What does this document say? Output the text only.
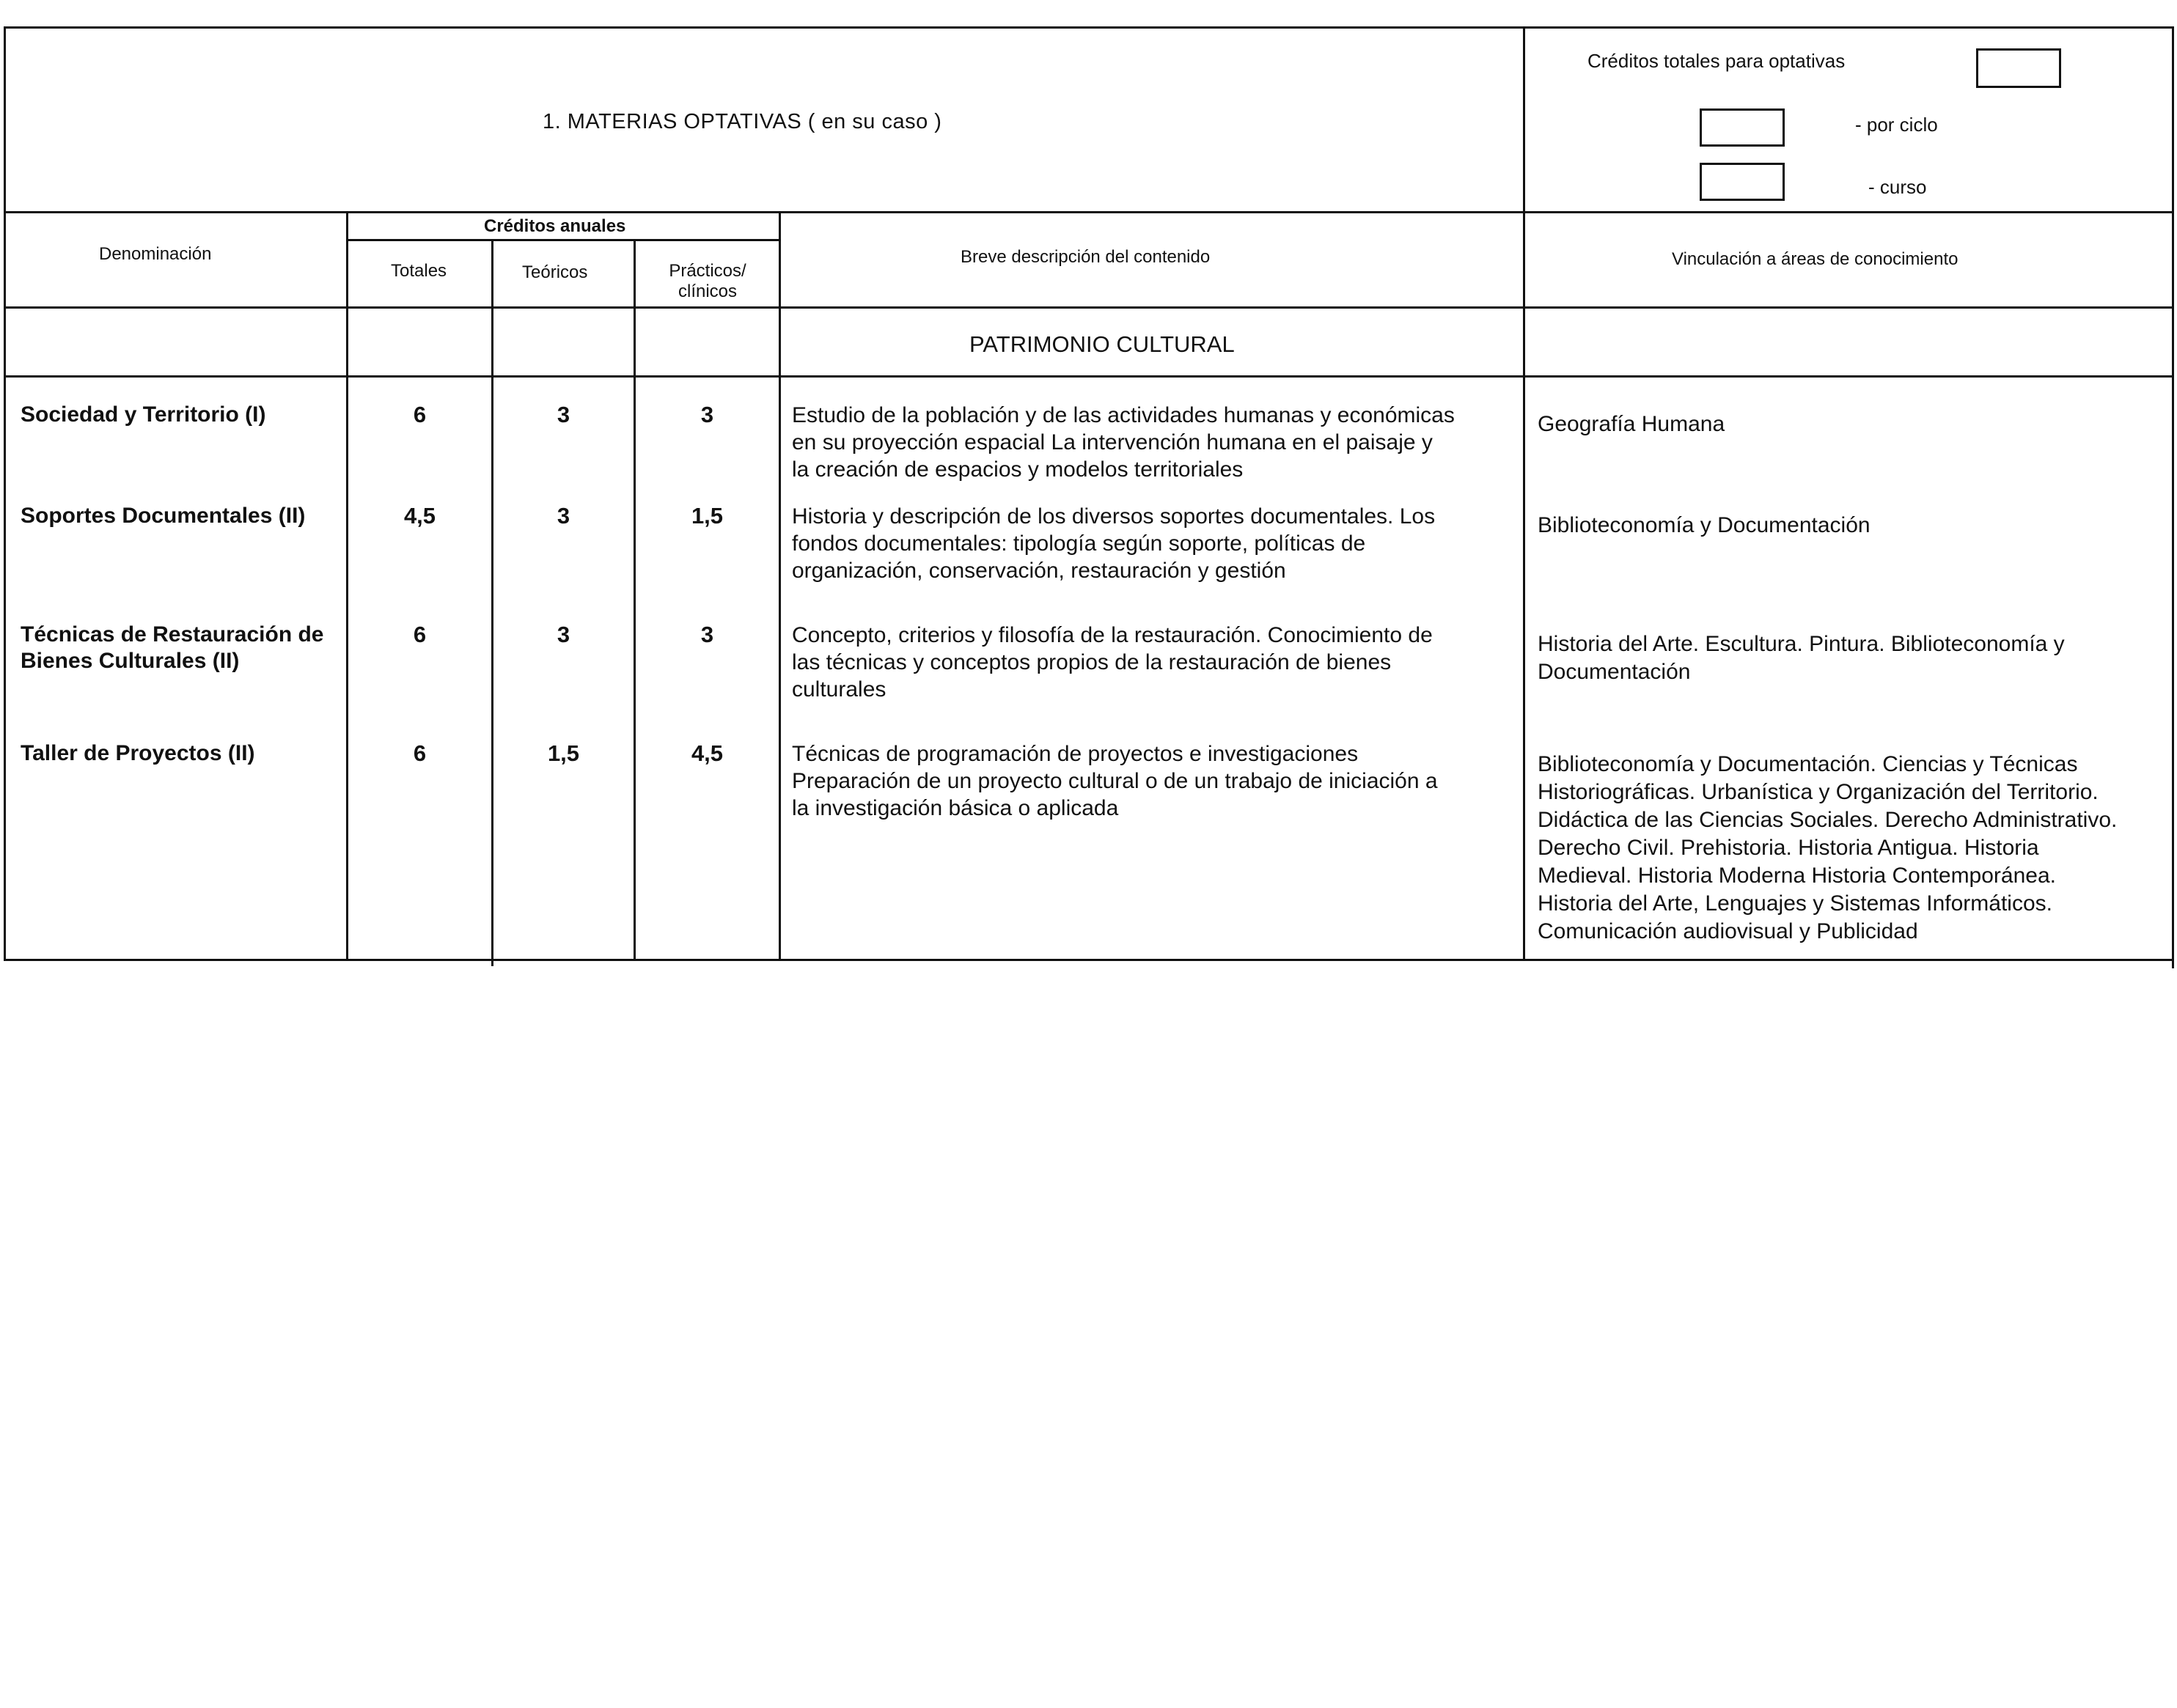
1. MATERIAS OPTATIVAS ( en su caso )
Créditos totales para optativas
- por ciclo
- curso
Denominación
Créditos anuales
Totales	Teóricos	Prácticos/
clínicos
Breve descripción del contenido	Vinculación a áreas de conocimiento
PATRIMONIO CULTURAL
Sociedad y Territorio (I)	6	3	3	Estudio de la población y de las actividades humanas y económicas
en su proyección espacial La intervención humana en el paisaje y
la creación de espacios y modelos territoriales
Geografía Humana
Soportes Documentales (II)	4,5	3	1,5	Historia y descripción de los diversos soportes documentales. Los
fondos documentales: tipología según soporte, políticas de
organización, conservación, restauración y gestión
Biblioteconomía y Documentación
Técnicas de Restauración de
Bienes Culturales (II)
6	3	3	Concepto, criterios y filosofía de la restauración. Conocimiento de
las técnicas y conceptos propios de la restauración de bienes
culturales
Historia del Arte. Escultura. Pintura. Biblioteconomía y
Documentación
Taller de Proyectos (II)	6	1,5	4,5	Técnicas de programación de proyectos e investigaciones
Preparación de un proyecto cultural o de un trabajo de iniciación a
la investigación básica o aplicada
Biblioteconomía y Documentación. Ciencias y Técnicas
Historiográficas. Urbanística y Organización del Territorio.
Didáctica de las Ciencias Sociales. Derecho Administrativo.
Derecho Civil. Prehistoria. Historia Antigua. Historia
Medieval. Historia Moderna Historia Contemporánea.
Historia del Arte, Lenguajes y Sistemas Informáticos.
Comunicación audiovisual y Publicidad
